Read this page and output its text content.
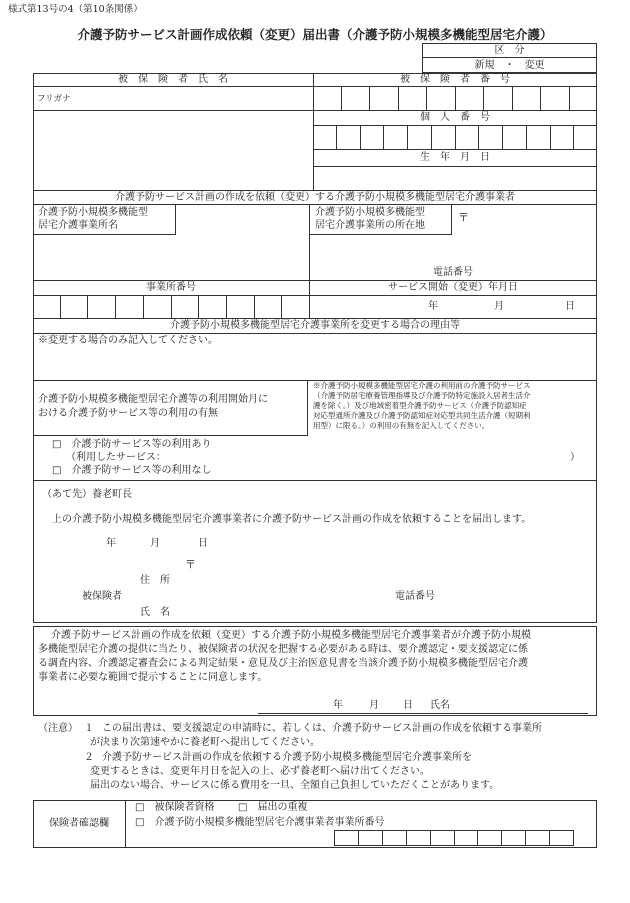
様式第13号の4（第10条関係）
介護予防サービス計画作成依頼（変更）届出書（介護予防小規模多機能型居宅介護）
区　分
新規　・　変更
被　保　険　者　氏　名	被　保　険　者　番　号
フリガナ
個　人　番　号
生　年　月　日
介護予防サービス計画の作成を依頼（変更）する介護予防小規模多機能型居宅介護事業者
介護予防小規模多機能型
居宅介護事業所名
介護予防小規模多機能型
居宅介護事業所の所在地
〒
電話番号
事業所番号	サービス開始（変更）年月日
年	月	日
介護予防小規模多機能型居宅介護事業所を変更する場合の理由等
※変更する場合のみ記入してください。
介護予防小規模多機能型居宅介護等の利用開始月に
おける介護予防サービス等の利用の有無
※介護予防小規模多機能型居宅介護の利用前の介護予防サービス
（介護予防居宅療養管理指導及び介護予防特定施設入居者生活介
護を除く。）及び地域密着型介護予防サービス（介護予防認知症
対応型通所介護及び介護予防認知症対応型共同生活介護（短期利
用型）に限る。）の利用の有無を記入してください。
□　介護予防サービス等の利用あり
（利用したサービス：	）
□　介護予防サービス等の利用なし
（あて先）養老町長
上の介護予防小規模多機能型居宅介護事業者に介護予防サービス計画の作成を依頼することを届出します。
年	月	日
〒
住　所
被保険者	電話番号
氏　名
介護予防サービス計画の作成を依頼（変更）する介護予防小規模多機能型居宅介護事業者が介護予防小規模
多機能型居宅介護の提供に当たり、被保険者の状況を把握する必要がある時は、要介護認定・要支援認定に係
る調査内容、介護認定審査会による判定結果・意見及び主治医意見書を当該介護予防小規模多機能型居宅介護
事業者に必要な範囲で提示することに同意します。
年	月 日 氏名
（注意） １ この届出書は、要支援認定の申請時に、若しくは、介護予防サービス計画の作成を依頼する事業所
が決まり次第速やかに養老町へ提出してください。
２ 介護予防サービス計画の作成を依頼する介護予防小規模多機能型居宅介護事業所を
変更するときは、変更年月日を記入の上、必ず養老町へ届け出てください。
届出のない場合、サービスに係る費用を一旦、全額自己負担していただくことがあります。
保険者確認欄
□　被保険者資格 □　届出の重複
□　介護予防小規模多機能型居宅介護事業者事業所番号
